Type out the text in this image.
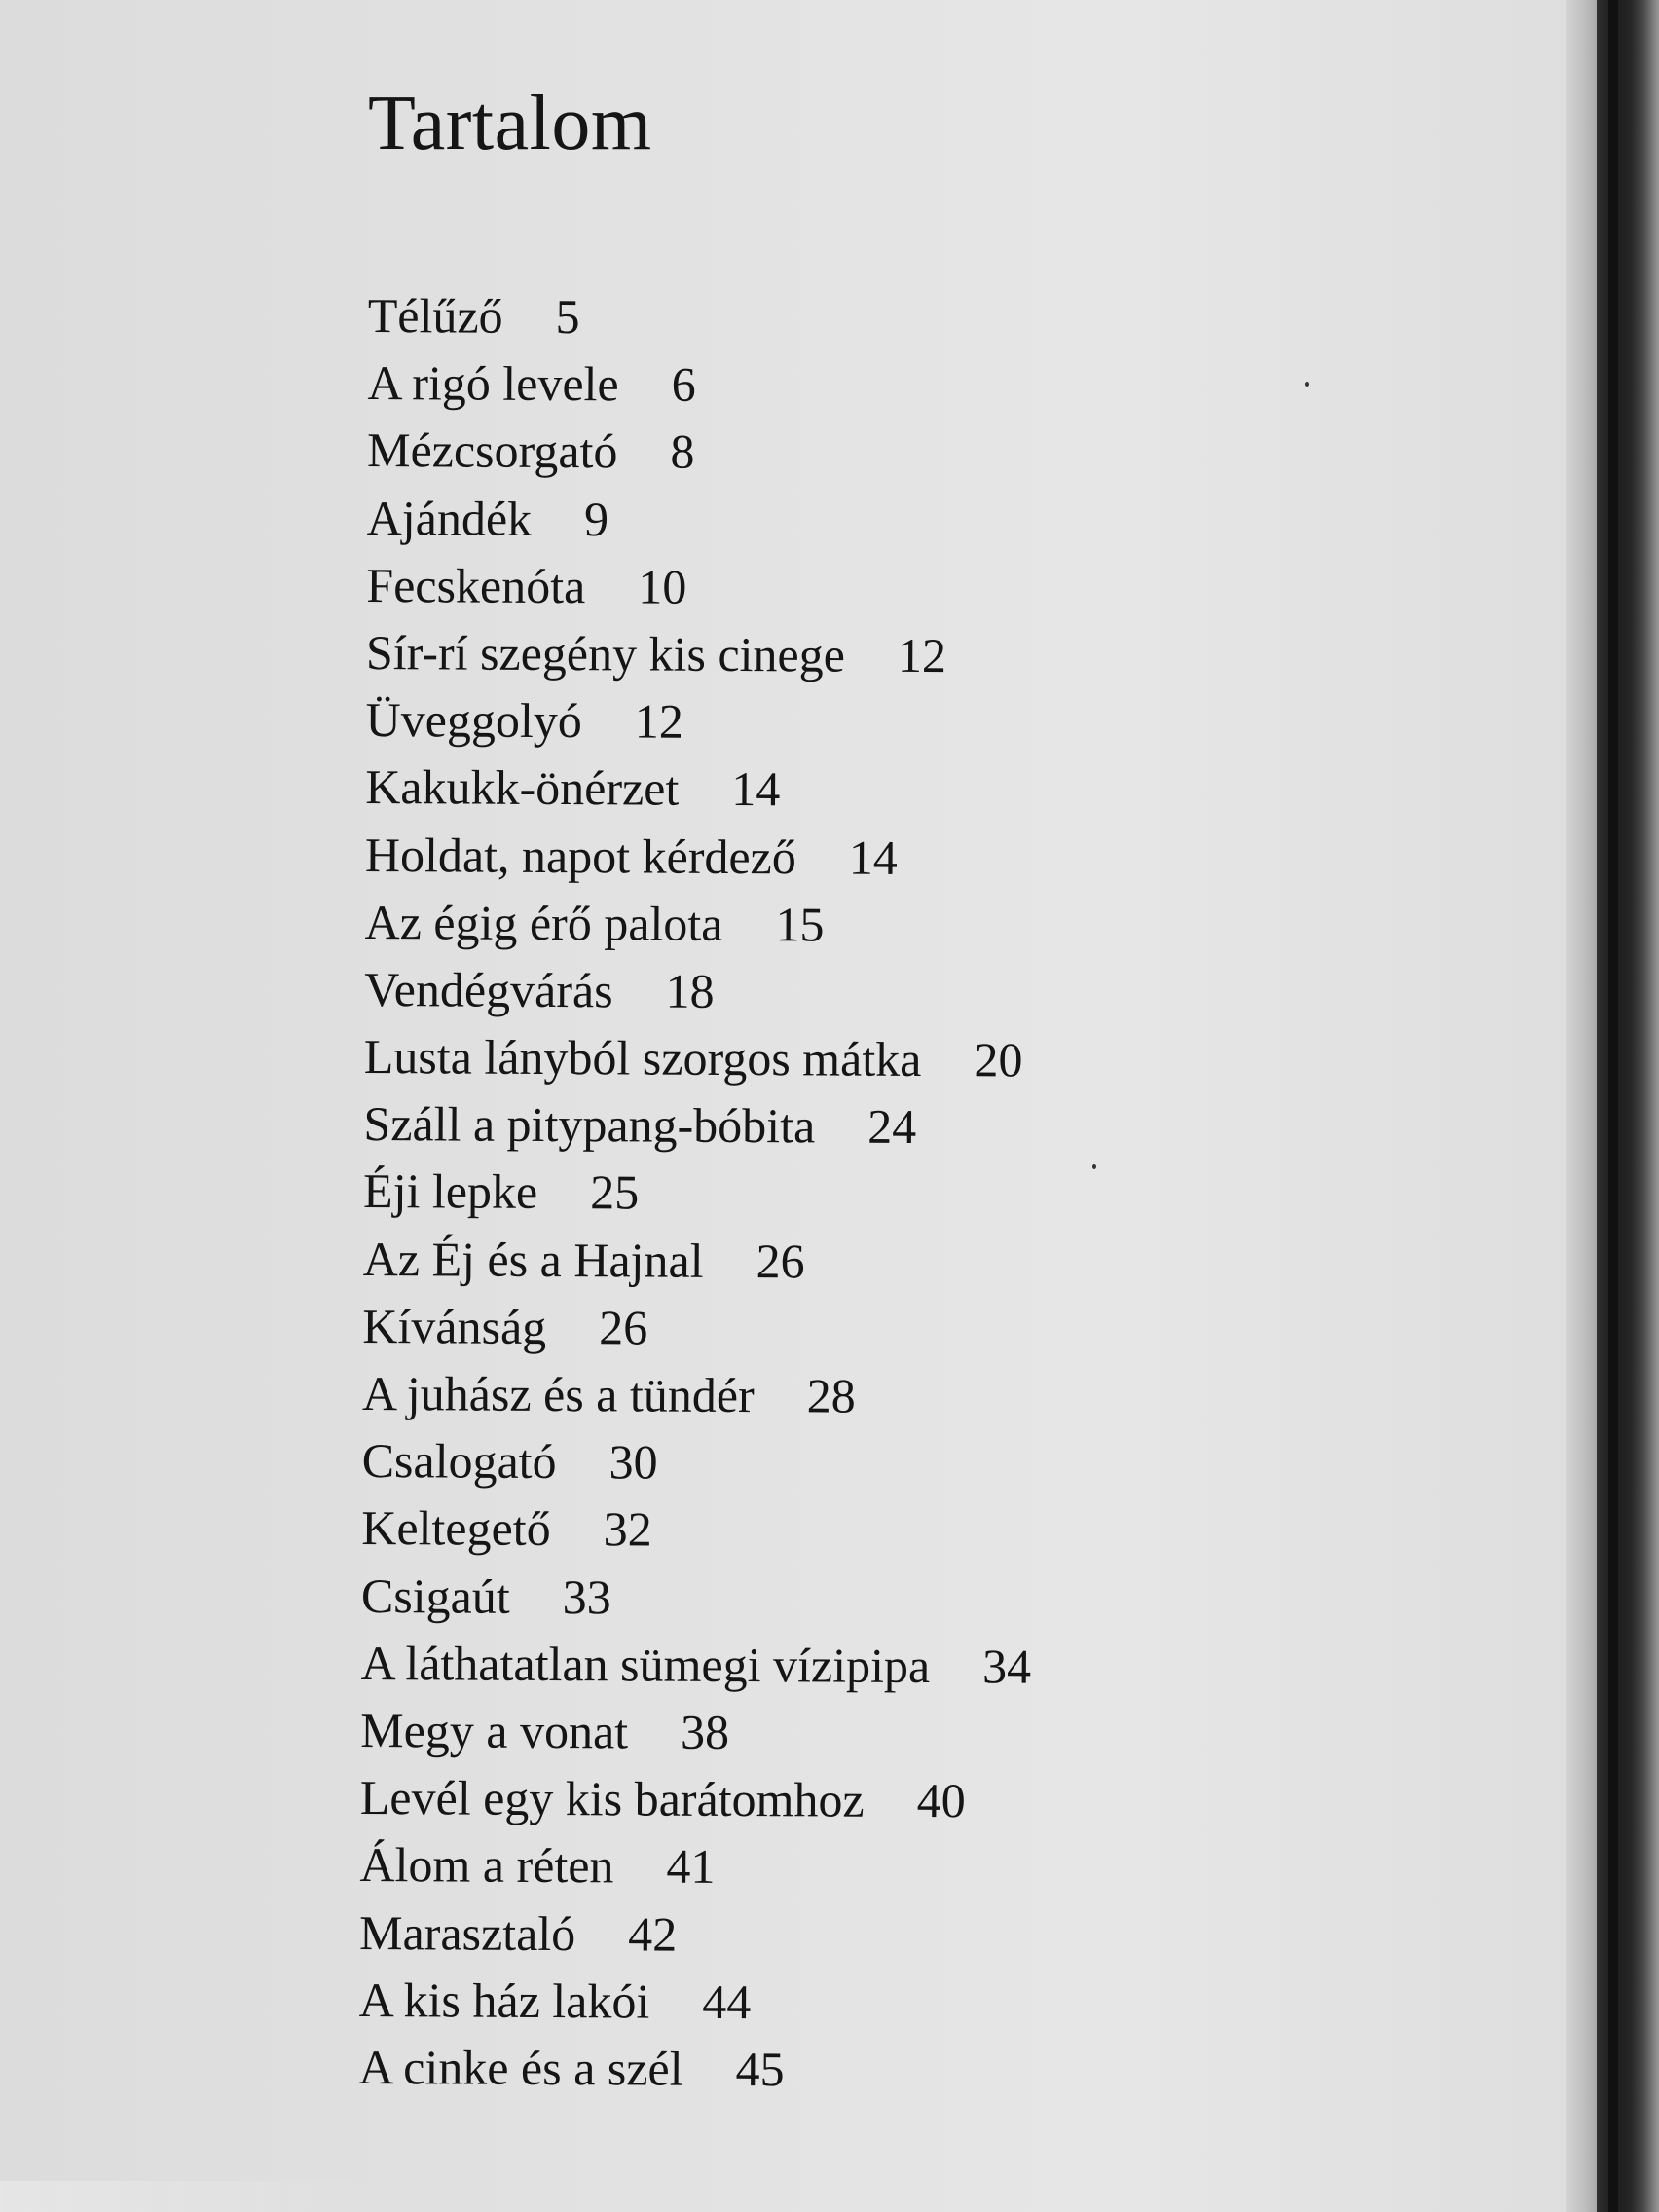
Tartalom
Télűző 5
A rigó levele 6
Mézcsorgató 8
Ajándék 9
Fecskenóta 10
Sír-rí szegény kis cinege 12
Üveggolyó 12
Kakukk-önérzet 14
Holdat, napot kérdező 14
Az égig érő palota 15
Vendégvárás 18
Lusta lányból szorgos mátka 20
Száll a pitypang-bóbita 24
Éji lepke 25
Az Éj és a Hajnal 26
Kívánság 26
A juhász és a tündér 28
Csalogató 30
Keltegető 32
Csigaút 33
A láthatatlan sümegi vízipipa 34
Megy a vonat 38
Levél egy kis barátomhoz 40
Álom a réten 41
Marasztaló 42
A kis ház lakói 44
A cinke és a szél 45
